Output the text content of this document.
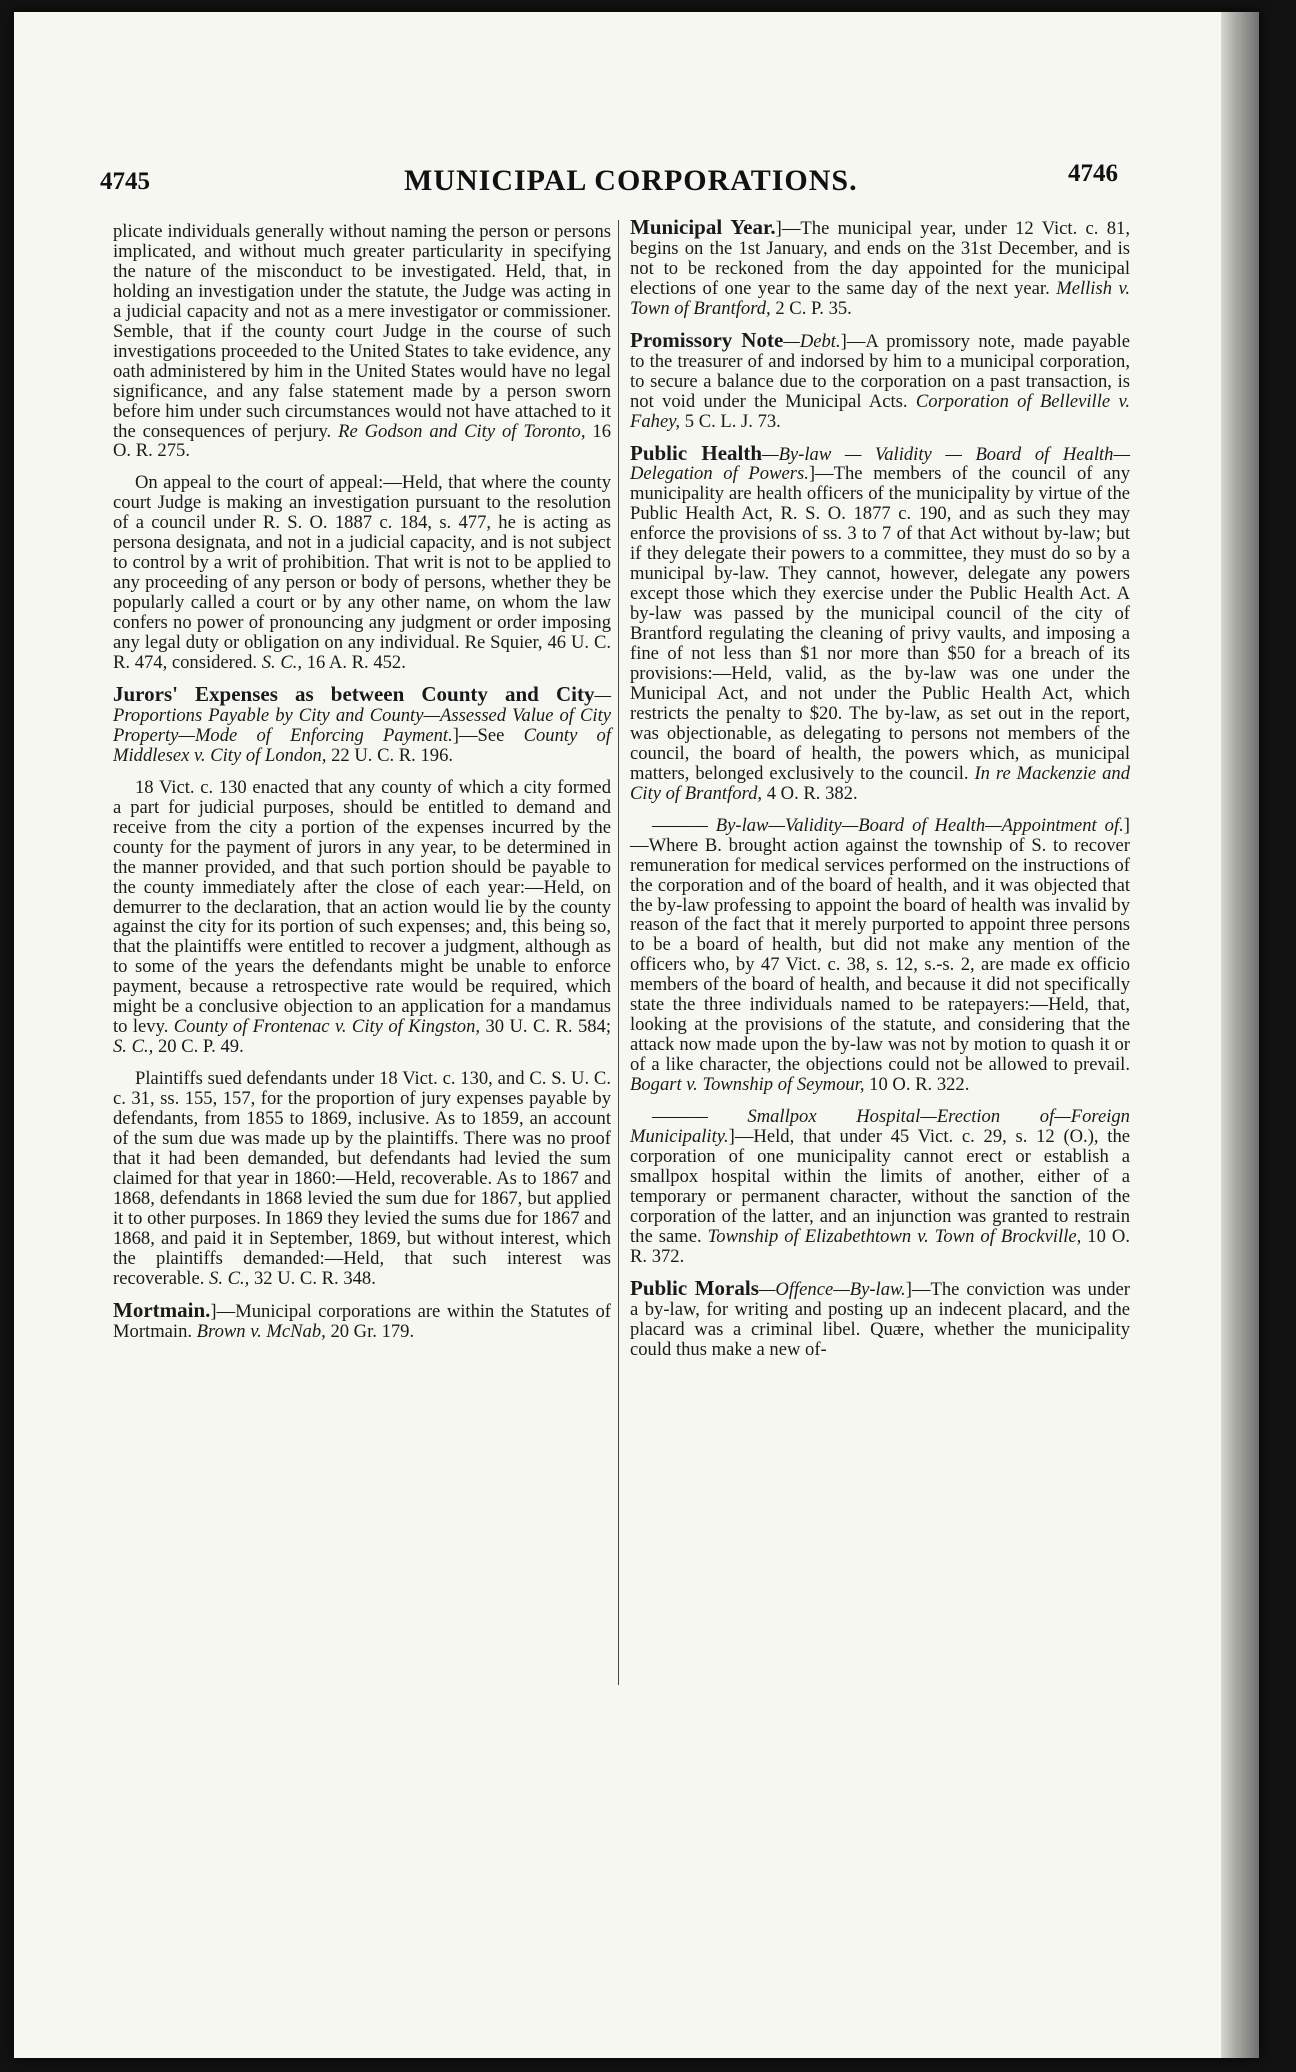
4745	MUNICIPAL CORPORATIONS.	4746

plicate individuals generally without naming the person or persons implicated, and without much greater particularity in specifying the nature of the misconduct to be investigated. Held, that, in holding an investigation under the statute, the Judge was acting in a judicial capacity and not as a mere investigator or commissioner. Semble, that if the county court Judge in the course of such investigations proceeded to the United States to take evidence, any oath administered by him in the United States would have no legal significance, and any false statement made by a person sworn before him under such circumstances would not have attached to it the consequences of perjury. Re Godson and City of Toronto, 16 O. R. 275.

On appeal to the court of appeal:—Held, that where the county court Judge is making an investigation pursuant to the resolution of a council under R. S. O. 1887 c. 184, s. 477, he is acting as persona designata, and not in a judicial capacity, and is not subject to control by a writ of prohibition. That writ is not to be applied to any proceeding of any person or body of persons, whether they be popularly called a court or by any other name, on whom the law confers no power of pronouncing any judgment or order imposing any legal duty or obligation on any individual. Re Squier, 46 U. C. R. 474, considered. S. C., 16 A. R. 452.

Jurors' Expenses as between County and City—Proportions Payable by City and County—Assessed Value of City Property—Mode of Enforcing Payment.]—See County of Middlesex v. City of London, 22 U. C. R. 196.

18 Vict. c. 130 enacted that any county of which a city formed a part for judicial purposes, should be entitled to demand and receive from the city a portion of the expenses incurred by the county for the payment of jurors in any year, to be determined in the manner provided, and that such portion should be payable to the county immediately after the close of each year:—Held, on demurrer to the declaration, that an action would lie by the county against the city for its portion of such expenses; and, this being so, that the plaintiffs were entitled to recover a judgment, although as to some of the years the defendants might be unable to enforce payment, because a retrospective rate would be required, which might be a conclusive objection to an application for a mandamus to levy. County of Frontenac v. City of Kingston, 30 U. C. R. 584; S. C., 20 C. P. 49.

Plaintiffs sued defendants under 18 Vict. c. 130, and C. S. U. C. c. 31, ss. 155, 157, for the proportion of jury expenses payable by defendants, from 1855 to 1869, inclusive. As to 1859, an account of the sum due was made up by the plaintiffs. There was no proof that it had been demanded, but defendants had levied the sum claimed for that year in 1860:—Held, recoverable. As to 1867 and 1868, defendants in 1868 levied the sum due for 1867, but applied it to other purposes. In 1869 they levied the sums due for 1867 and 1868, and paid it in September, 1869, but without interest, which the plaintiffs demanded:—Held, that such interest was recoverable. S. C., 32 U. C. R. 348.

Mortmain.]—Municipal corporations are within the Statutes of Mortmain. Brown v. McNab, 20 Gr. 179.

Municipal Year.]—The municipal year, under 12 Vict. c. 81, begins on the 1st January, and ends on the 31st December, and is not to be reckoned from the day appointed for the municipal elections of one year to the same day of the next year. Mellish v. Town of Brantford, 2 C. P. 35.

Promissory Note—Debt.]—A promissory note, made payable to the treasurer of and indorsed by him to a municipal corporation, to secure a balance due to the corporation on a past transaction, is not void under the Municipal Acts. Corporation of Belleville v. Fahey, 5 C. L. J. 73.

Public Health—By-law — Validity — Board of Health—Delegation of Powers.]—The members of the council of any municipality are health officers of the municipality by virtue of the Public Health Act, R. S. O. 1877 c. 190, and as such they may enforce the provisions of ss. 3 to 7 of that Act without by-law; but if they delegate their powers to a committee, they must do so by a municipal by-law. They cannot, however, delegate any powers except those which they exercise under the Public Health Act. A by-law was passed by the municipal council of the city of Brantford regulating the cleaning of privy vaults, and imposing a fine of not less than $1 nor more than $50 for a breach of its provisions:—Held, valid, as the by-law was one under the Municipal Act, and not under the Public Health Act, which restricts the penalty to $20. The by-law, as set out in the report, was objectionable, as delegating to persons not members of the council, the board of health, the powers which, as municipal matters, belonged exclusively to the council. In re Mackenzie and City of Brantford, 4 O. R. 382.

——— By-law—Validity—Board of Health—Appointment of.]—Where B. brought action against the township of S. to recover remuneration for medical services performed on the instructions of the corporation and of the board of health, and it was objected that the by-law professing to appoint the board of health was invalid by reason of the fact that it merely purported to appoint three persons to be a board of health, but did not make any mention of the officers who, by 47 Vict. c. 38, s. 12, s.-s. 2, are made ex officio members of the board of health, and because it did not specifically state the three individuals named to be ratepayers:—Held, that, looking at the provisions of the statute, and considering that the attack now made upon the by-law was not by motion to quash it or of a like character, the objections could not be allowed to prevail. Bogart v. Township of Seymour, 10 O. R. 322.

——— Smallpox Hospital—Erection of—Foreign Municipality.]—Held, that under 45 Vict. c. 29, s. 12 (O.), the corporation of one municipality cannot erect or establish a smallpox hospital within the limits of another, either of a temporary or permanent character, without the sanction of the corporation of the latter, and an injunction was granted to restrain the same. Township of Elizabethtown v. Town of Brockville, 10 O. R. 372.

Public Morals—Offence—By-law.]—The conviction was under a by-law, for writing and posting up an indecent placard, and the placard was a criminal libel. Quære, whether the municipality could thus make a new of-
